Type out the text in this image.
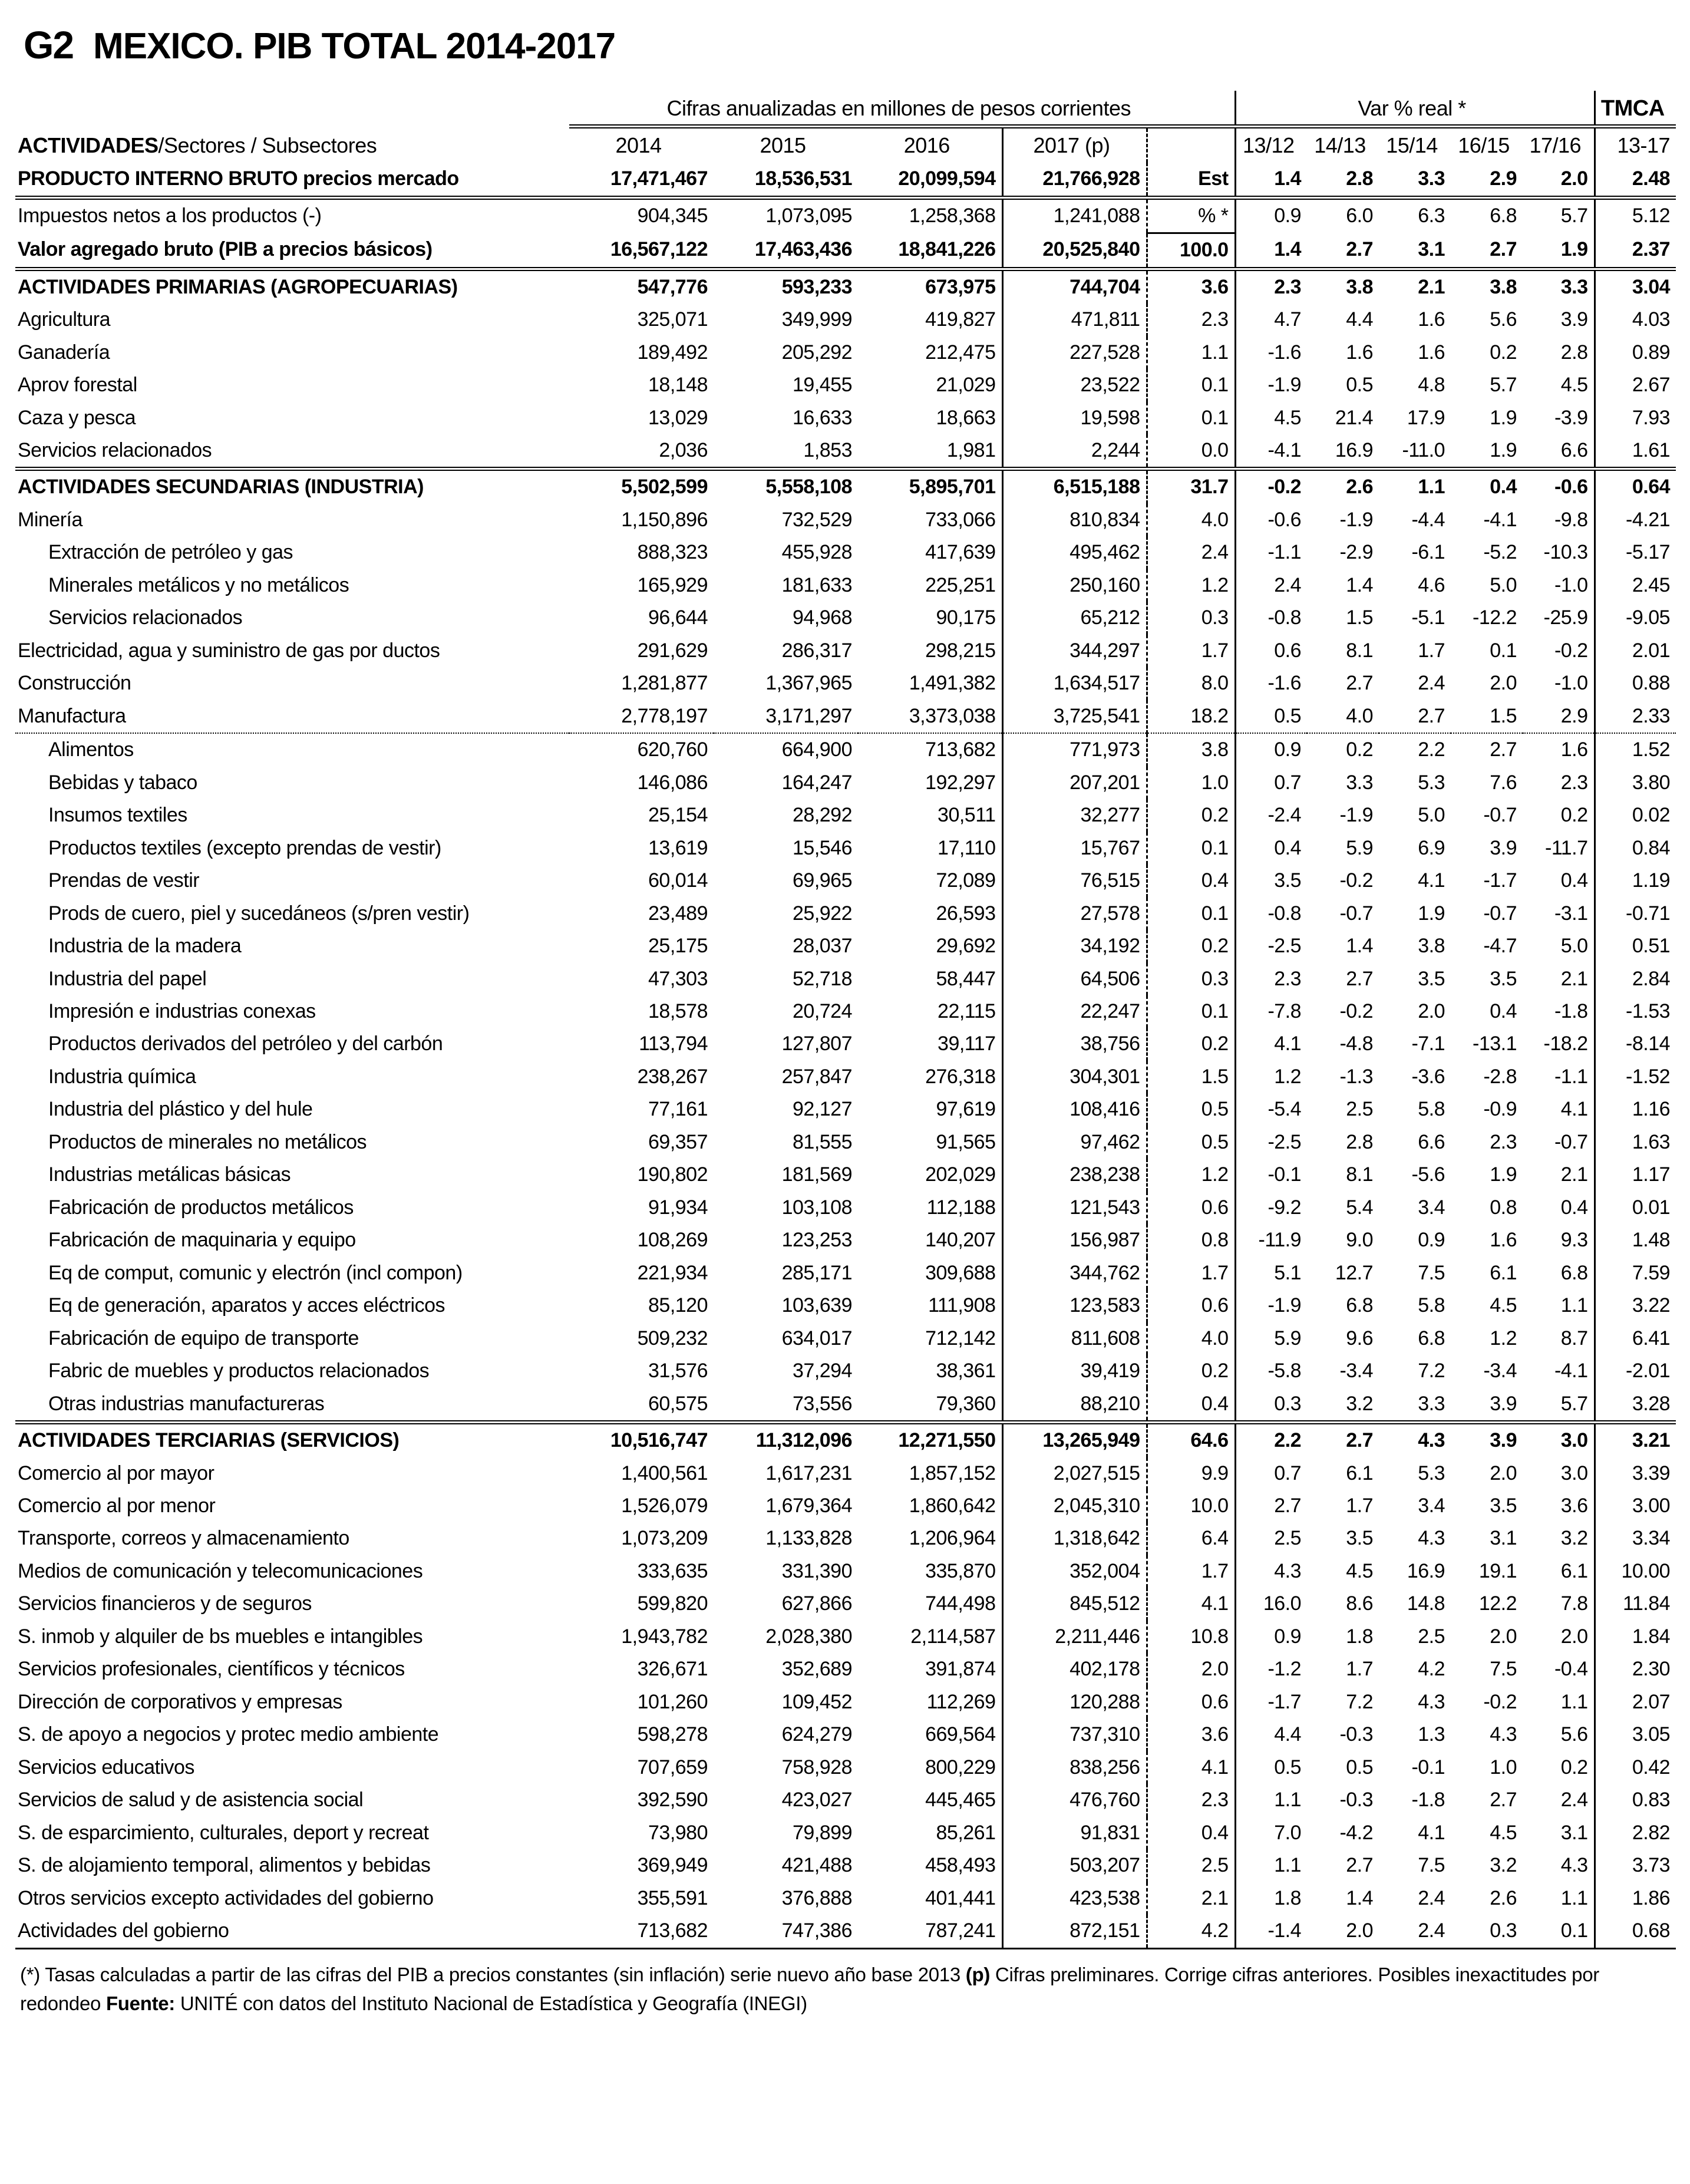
G2 MEXICO. PIB TOTAL 2014-2017
	Cifras anualizadas en millones de pesos corrientes					Var % real *					TMCA
ACTIVIDADES/Sectores / Subsectores	2014	2015	2016	2017 (p)		13/12	14/13	15/14	16/15	17/16	13-17
PRODUCTO INTERNO BRUTO precios mercado	17,471,467	18,536,531	20,099,594	21,766,928	Est	1.4	2.8	3.3	2.9	2.0	2.48
Impuestos netos a los productos (-)	904,345	1,073,095	1,258,368	1,241,088	% *	0.9	6.0	6.3	6.8	5.7	5.12
Valor agregado bruto (PIB a precios básicos)	16,567,122	17,463,436	18,841,226	20,525,840	100.0	1.4	2.7	3.1	2.7	1.9	2.37
ACTIVIDADES PRIMARIAS (AGROPECUARIAS)	547,776	593,233	673,975	744,704	3.6	2.3	3.8	2.1	3.8	3.3	3.04
Agricultura	325,071	349,999	419,827	471,811	2.3	4.7	4.4	1.6	5.6	3.9	4.03
Ganadería	189,492	205,292	212,475	227,528	1.1	-1.6	1.6	1.6	0.2	2.8	0.89
Aprov forestal	18,148	19,455	21,029	23,522	0.1	-1.9	0.5	4.8	5.7	4.5	2.67
Caza y pesca	13,029	16,633	18,663	19,598	0.1	4.5	21.4	17.9	1.9	-3.9	7.93
Servicios relacionados	2,036	1,853	1,981	2,244	0.0	-4.1	16.9	-11.0	1.9	6.6	1.61
ACTIVIDADES SECUNDARIAS (INDUSTRIA)	5,502,599	5,558,108	5,895,701	6,515,188	31.7	-0.2	2.6	1.1	0.4	-0.6	0.64
Minería	1,150,896	732,529	733,066	810,834	4.0	-0.6	-1.9	-4.4	-4.1	-9.8	-4.21
Extracción de petróleo y gas	888,323	455,928	417,639	495,462	2.4	-1.1	-2.9	-6.1	-5.2	-10.3	-5.17
Minerales metálicos y no metálicos	165,929	181,633	225,251	250,160	1.2	2.4	1.4	4.6	5.0	-1.0	2.45
Servicios relacionados	96,644	94,968	90,175	65,212	0.3	-0.8	1.5	-5.1	-12.2	-25.9	-9.05
Electricidad, agua y suministro de gas por ductos	291,629	286,317	298,215	344,297	1.7	0.6	8.1	1.7	0.1	-0.2	2.01
Construcción	1,281,877	1,367,965	1,491,382	1,634,517	8.0	-1.6	2.7	2.4	2.0	-1.0	0.88
Manufactura	2,778,197	3,171,297	3,373,038	3,725,541	18.2	0.5	4.0	2.7	1.5	2.9	2.33
Alimentos	620,760	664,900	713,682	771,973	3.8	0.9	0.2	2.2	2.7	1.6	1.52
Bebidas y tabaco	146,086	164,247	192,297	207,201	1.0	0.7	3.3	5.3	7.6	2.3	3.80
Insumos textiles	25,154	28,292	30,511	32,277	0.2	-2.4	-1.9	5.0	-0.7	0.2	0.02
Productos textiles (excepto prendas de vestir)	13,619	15,546	17,110	15,767	0.1	0.4	5.9	6.9	3.9	-11.7	0.84
Prendas de vestir	60,014	69,965	72,089	76,515	0.4	3.5	-0.2	4.1	-1.7	0.4	1.19
Prods de cuero, piel y sucedáneos (s/pren vestir)	23,489	25,922	26,593	27,578	0.1	-0.8	-0.7	1.9	-0.7	-3.1	-0.71
Industria de la madera	25,175	28,037	29,692	34,192	0.2	-2.5	1.4	3.8	-4.7	5.0	0.51
Industria del papel	47,303	52,718	58,447	64,506	0.3	2.3	2.7	3.5	3.5	2.1	2.84
Impresión e industrias conexas	18,578	20,724	22,115	22,247	0.1	-7.8	-0.2	2.0	0.4	-1.8	-1.53
Productos derivados del petróleo y del carbón	113,794	127,807	39,117	38,756	0.2	4.1	-4.8	-7.1	-13.1	-18.2	-8.14
Industria química	238,267	257,847	276,318	304,301	1.5	1.2	-1.3	-3.6	-2.8	-1.1	-1.52
Industria del plástico y del hule	77,161	92,127	97,619	108,416	0.5	-5.4	2.5	5.8	-0.9	4.1	1.16
Productos de minerales no metálicos	69,357	81,555	91,565	97,462	0.5	-2.5	2.8	6.6	2.3	-0.7	1.63
Industrias metálicas básicas	190,802	181,569	202,029	238,238	1.2	-0.1	8.1	-5.6	1.9	2.1	1.17
Fabricación de productos metálicos	91,934	103,108	112,188	121,543	0.6	-9.2	5.4	3.4	0.8	0.4	0.01
Fabricación de maquinaria y equipo	108,269	123,253	140,207	156,987	0.8	-11.9	9.0	0.9	1.6	9.3	1.48
Eq de comput, comunic y electrón (incl compon)	221,934	285,171	309,688	344,762	1.7	5.1	12.7	7.5	6.1	6.8	7.59
Eq de generación, aparatos y acces eléctricos	85,120	103,639	111,908	123,583	0.6	-1.9	6.8	5.8	4.5	1.1	3.22
Fabricación de equipo de transporte	509,232	634,017	712,142	811,608	4.0	5.9	9.6	6.8	1.2	8.7	6.41
Fabric de muebles y productos relacionados	31,576	37,294	38,361	39,419	0.2	-5.8	-3.4	7.2	-3.4	-4.1	-2.01
Otras industrias manufactureras	60,575	73,556	79,360	88,210	0.4	0.3	3.2	3.3	3.9	5.7	3.28
ACTIVIDADES TERCIARIAS (SERVICIOS)	10,516,747	11,312,096	12,271,550	13,265,949	64.6	2.2	2.7	4.3	3.9	3.0	3.21
Comercio al por mayor	1,400,561	1,617,231	1,857,152	2,027,515	9.9	0.7	6.1	5.3	2.0	3.0	3.39
Comercio al por menor	1,526,079	1,679,364	1,860,642	2,045,310	10.0	2.7	1.7	3.4	3.5	3.6	3.00
Transporte, correos y almacenamiento	1,073,209	1,133,828	1,206,964	1,318,642	6.4	2.5	3.5	4.3	3.1	3.2	3.34
Medios de comunicación y telecomunicaciones	333,635	331,390	335,870	352,004	1.7	4.3	4.5	16.9	19.1	6.1	10.00
Servicios financieros y de seguros	599,820	627,866	744,498	845,512	4.1	16.0	8.6	14.8	12.2	7.8	11.84
S. inmob y alquiler de bs muebles e intangibles	1,943,782	2,028,380	2,114,587	2,211,446	10.8	0.9	1.8	2.5	2.0	2.0	1.84
Servicios profesionales, científicos y técnicos	326,671	352,689	391,874	402,178	2.0	-1.2	1.7	4.2	7.5	-0.4	2.30
Dirección de corporativos y empresas	101,260	109,452	112,269	120,288	0.6	-1.7	7.2	4.3	-0.2	1.1	2.07
S. de apoyo a negocios y protec medio ambiente	598,278	624,279	669,564	737,310	3.6	4.4	-0.3	1.3	4.3	5.6	3.05
Servicios educativos	707,659	758,928	800,229	838,256	4.1	0.5	0.5	-0.1	1.0	0.2	0.42
Servicios de salud y de asistencia social	392,590	423,027	445,465	476,760	2.3	1.1	-0.3	-1.8	2.7	2.4	0.83
S. de esparcimiento, culturales, deport y recreat	73,980	79,899	85,261	91,831	0.4	7.0	-4.2	4.1	4.5	3.1	2.82
S. de alojamiento temporal, alimentos y bebidas	369,949	421,488	458,493	503,207	2.5	1.1	2.7	7.5	3.2	4.3	3.73
Otros servicios excepto actividades del gobierno	355,591	376,888	401,441	423,538	2.1	1.8	1.4	2.4	2.6	1.1	1.86
Actividades del gobierno	713,682	747,386	787,241	872,151	4.2	-1.4	2.0	2.4	0.3	0.1	0.68

(*) Tasas calculadas a partir de las cifras del PIB a precios constantes (sin inflación) serie nuevo año base 2013 (p) Cifras preliminares. Corrige cifras anteriores. Posibles inexactitudes por redondeo Fuente: UNITÉ con datos del Instituto Nacional de Estadística y Geografía (INEGI)
